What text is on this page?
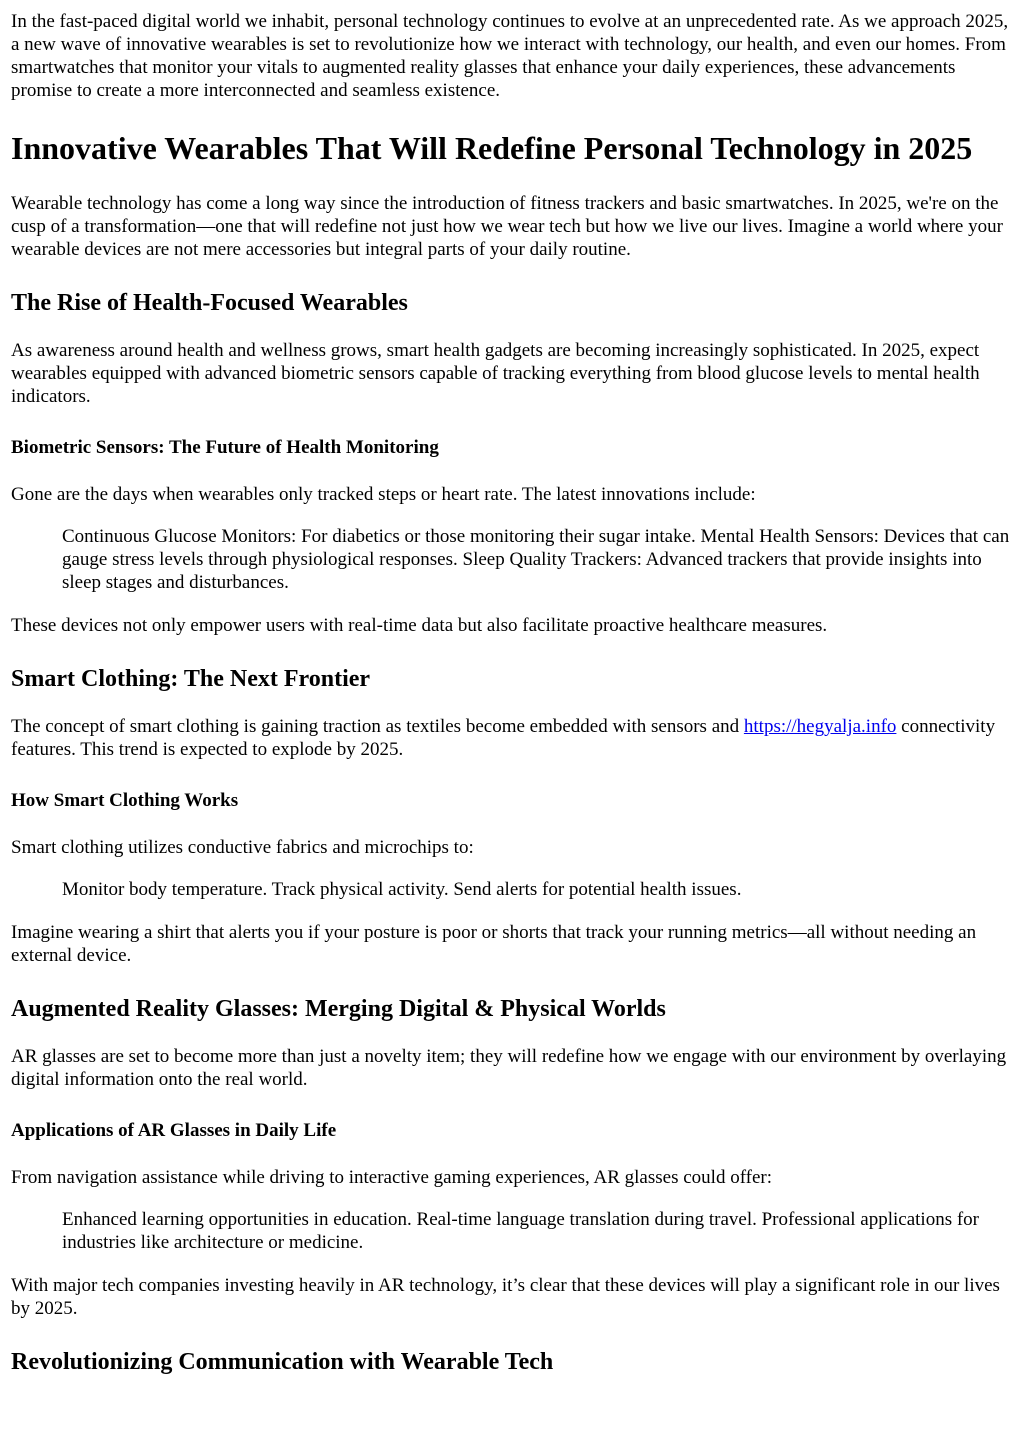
In the fast-paced digital world we inhabit, personal technology continues to evolve at an unprecedented rate. As we approach 2025, a new wave of innovative wearables is set to revolutionize how we interact with technology, our health, and even our homes. From smartwatches that monitor your vitals to augmented reality glasses that enhance your daily experiences, these advancements promise to create a more interconnected and seamless existence.

Innovative Wearables That Will Redefine Personal Technology in 2025

Wearable technology has come a long way since the introduction of fitness trackers and basic smartwatches. In 2025, we're on the cusp of a transformation—one that will redefine not just how we wear tech but how we live our lives. Imagine a world where your wearable devices are not mere accessories but integral parts of your daily routine.

The Rise of Health-Focused Wearables

As awareness around health and wellness grows, smart health gadgets are becoming increasingly sophisticated. In 2025, expect wearables equipped with advanced biometric sensors capable of tracking everything from blood glucose levels to mental health indicators.

Biometric Sensors: The Future of Health Monitoring

Gone are the days when wearables only tracked steps or heart rate. The latest innovations include:

Continuous Glucose Monitors: For diabetics or those monitoring their sugar intake. Mental Health Sensors: Devices that can gauge stress levels through physiological responses. Sleep Quality Trackers: Advanced trackers that provide insights into sleep stages and disturbances.

These devices not only empower users with real-time data but also facilitate proactive healthcare measures.

Smart Clothing: The Next Frontier

The concept of smart clothing is gaining traction as textiles become embedded with sensors and https://hegyalja.info connectivity features. This trend is expected to explode by 2025.

How Smart Clothing Works

Smart clothing utilizes conductive fabrics and microchips to:

Monitor body temperature. Track physical activity. Send alerts for potential health issues.

Imagine wearing a shirt that alerts you if your posture is poor or shorts that track your running metrics—all without needing an external device.

Augmented Reality Glasses: Merging Digital & Physical Worlds

AR glasses are set to become more than just a novelty item; they will redefine how we engage with our environment by overlaying digital information onto the real world.

Applications of AR Glasses in Daily Life

From navigation assistance while driving to interactive gaming experiences, AR glasses could offer:

Enhanced learning opportunities in education. Real-time language translation during travel. Professional applications for industries like architecture or medicine.

With major tech companies investing heavily in AR technology, it’s clear that these devices will play a significant role in our lives by 2025.

Revolutionizing Communication with Wearable Tech
